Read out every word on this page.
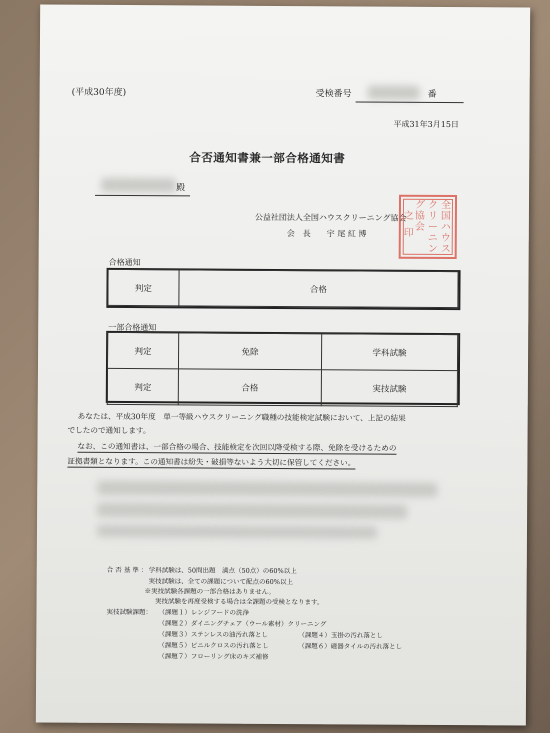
(平成30年度)	受検番号	番
平成31年3月15日
合否通知書兼一部合格通知書
殿
公益社団法人全国ハウスクリーニング協会
会　長　　宇 尾 紅 博
全
国
ハ
ウ
ス
ク
リ
ー
ニ
ン
グ
協
会
之
印
合格通知
判定	合格
一部合格通知
判定	免除	学科試験
判定	合格	実技試験
あなたは、平成30年度　単一等級ハウスクリーニング職種の技能検定試験において、上記の結果
でしたので通知します。
なお、この通知書は、一部合格の場合、技能検定を次回以降受検する際、免除を受けるための
証拠書類となります。この通知書は紛失・破損等ないよう大切に保管してください。
合 否 基 準 ： 学科試験は、50問出題　満点（50点）の60%以上
実技試験は、全ての課題について配点の60%以上
※実技試験各課題の一部合格はありません。
　実技試験を再度受検する場合は全課題の受検となります。
実技試験課題： （課題１）レンジフードの洗浄
（課題２）ダイニングチェア（ウール素材）クリーニング
（課題３）ステンレスの油汚れ落とし	（課題４）玉掛の汚れ落とし
（課題５）ビニルクロスの汚れ落とし	（課題６）磁器タイルの汚れ落とし
（課題７）フローリング床のキズ補修
